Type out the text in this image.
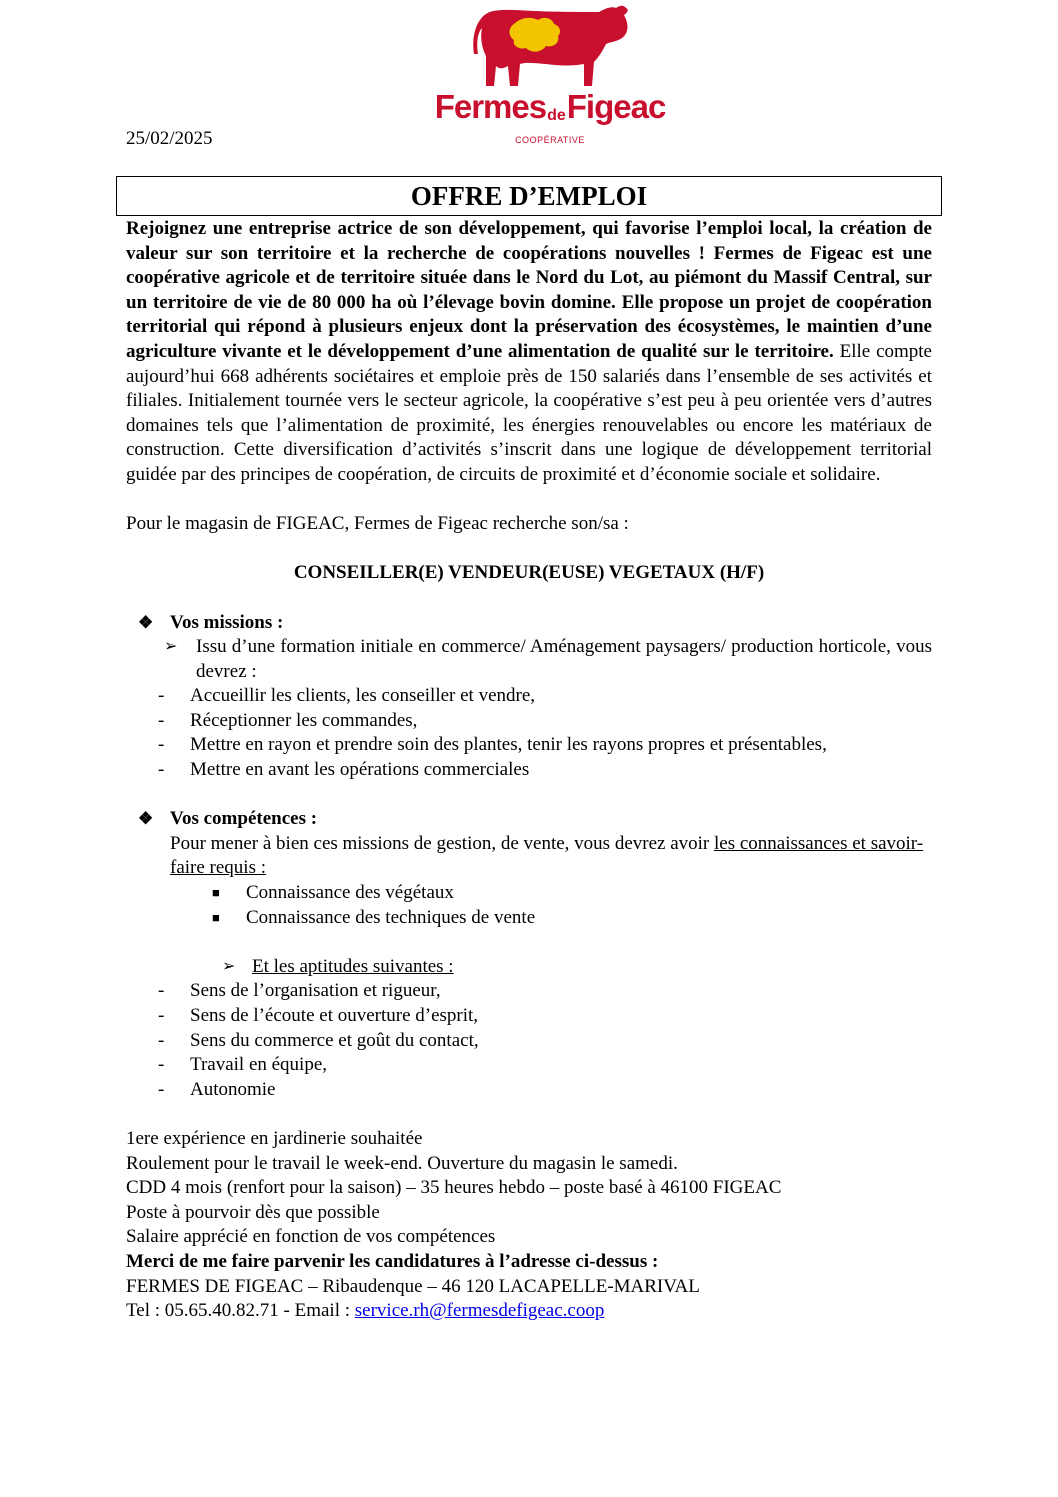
25/02/2025
FermesdeFigeac
COOPÉRATIVE
OFFRE D’EMPLOI

Rejoignez une entreprise actrice de son développement, qui favorise l’emploi local, la création de valeur sur son territoire et la recherche de coopérations nouvelles ! Fermes de Figeac est une coopérative agricole et de territoire située dans le Nord du Lot, au piémont du Massif Central, sur un territoire de vie de 80 000 ha où l’élevage bovin domine. Elle propose un projet de coopération territorial qui répond à plusieurs enjeux dont la préservation des écosystèmes, le maintien d’une agriculture vivante et le développement d’une alimentation de qualité sur le territoire. Elle compte aujourd’hui 668 adhérents sociétaires et emploie près de 150 salariés dans l’ensemble de ses activités et filiales. Initialement tournée vers le secteur agricole, la coopérative s’est peu à peu orientée vers d’autres domaines tels que l’alimentation de proximité, les énergies renouvelables ou encore les matériaux de construction. Cette diversification d’activités s’inscrit dans une logique de développement territorial guidée par des principes de coopération, de circuits de proximité et d’économie sociale et solidaire.

Pour le magasin de FIGEAC, Fermes de Figeac recherche son/sa :

CONSEILLER(E) VENDEUR(EUSE) VEGETAUX (H/F)

❖ Vos missions :
➢ Issu d’une formation initiale en commerce/ Aménagement paysagers/ production horticole, vous devrez :
-	Accueillir les clients, les conseiller et vendre,
-	Réceptionner les commandes,
-	Mettre en rayon et prendre soin des plantes, tenir les rayons propres et présentables,
-	Mettre en avant les opérations commerciales
❖ Vos compétences :

Pour mener à bien ces missions de gestion, de vente, vous devrez avoir les connaissances et savoir-faire requis :

■	Connaissance des végétaux
■	Connaissance des techniques de vente
➢ Et les aptitudes suivantes :
-	Sens de l’organisation et rigueur,
-	Sens de l’écoute et ouverture d’esprit,
-	Sens du commerce et goût du contact,
-	Travail en équipe,
-	Autonomie

1ere expérience en jardinerie souhaitée

Roulement pour le travail le week-end. Ouverture du magasin le samedi.

CDD 4 mois (renfort pour la saison) – 35 heures hebdo – poste basé à 46100 FIGEAC

Poste à pourvoir dès que possible

Salaire apprécié en fonction de vos compétences

Merci de me faire parvenir les candidatures à l’adresse ci-dessus :

FERMES DE FIGEAC – Ribaudenque – 46 120 LACAPELLE-MARIVAL

Tel : 05.65.40.82.71 - Email : service.rh@fermesdefigeac.coop
